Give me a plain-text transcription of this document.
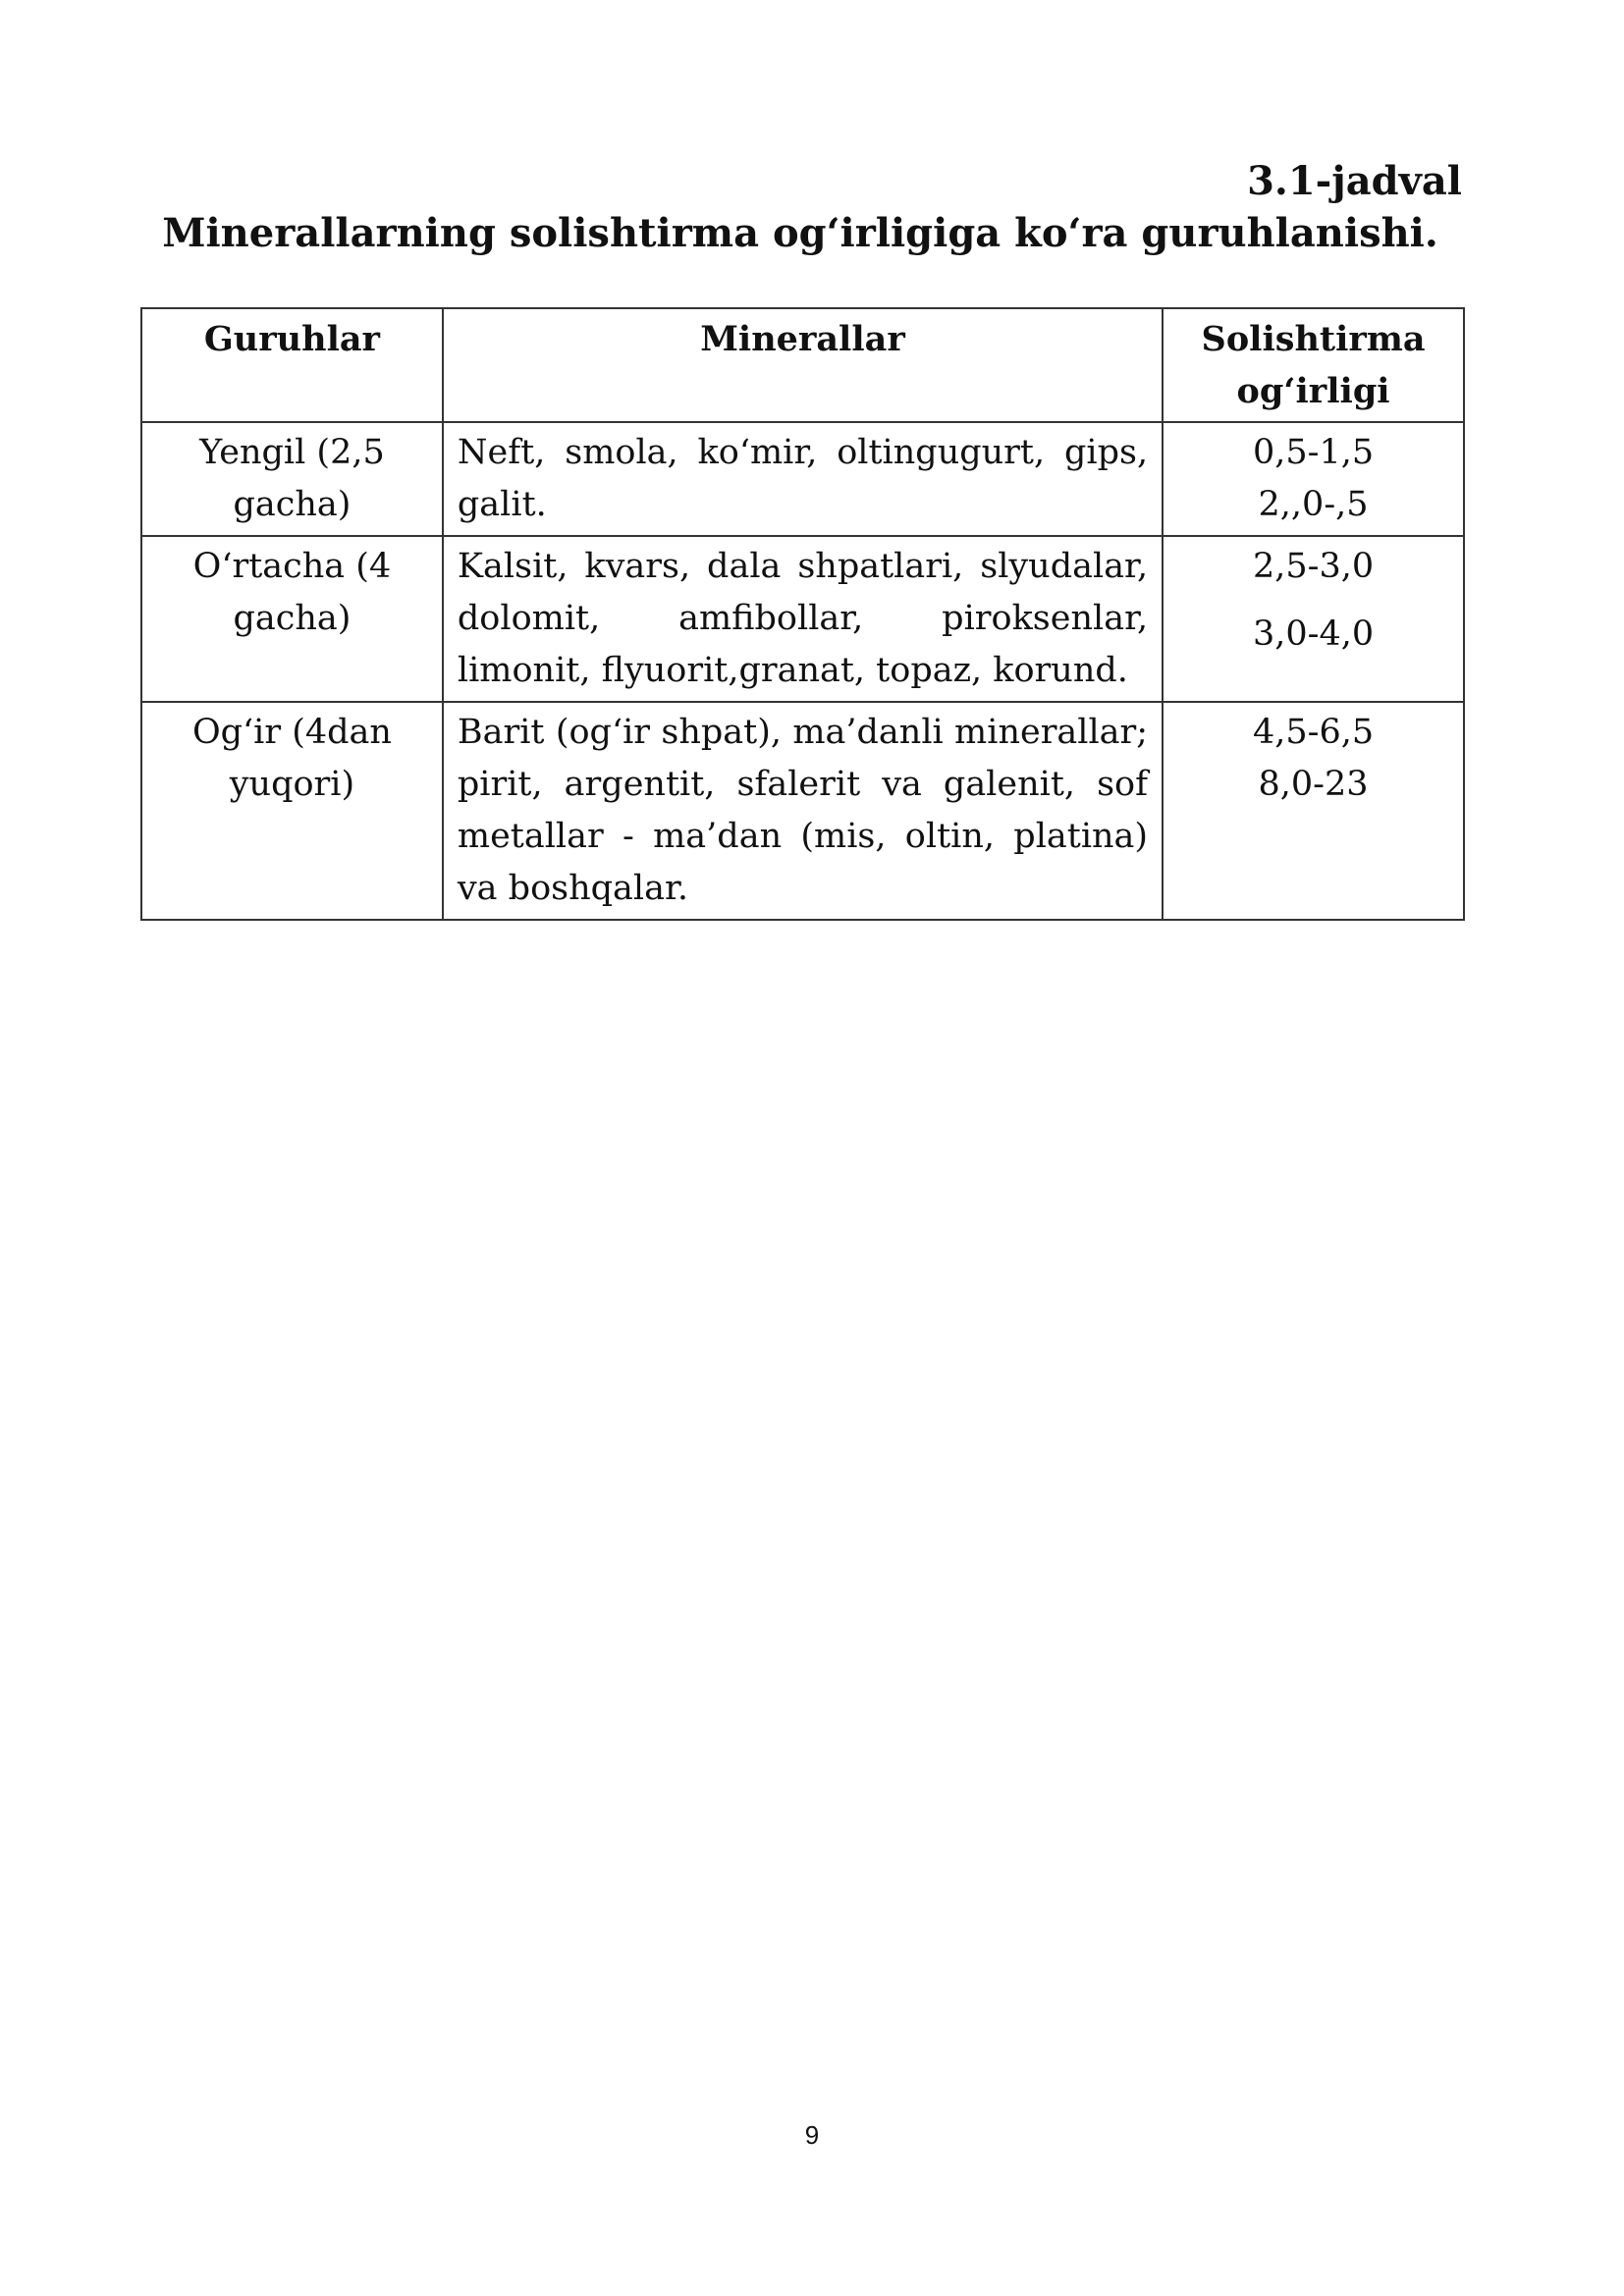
3.1-jadval
Minerallarning solishtirma og‘irligiga ko‘ra guruhlanishi.
Guruhlar	Minerallar	Solishtirma
og‘irligi

Yengil (2,5 gacha)	Neft, smola, ko‘mir, oltingugurt, gips, galit.	0,5-1,5
2,,0-,5

O‘rtacha (4 gacha)	Kalsit, kvars, dala shpatlari, slyudalar, dolomit, amfibollar, piroksenlar, limonit, flyuorit,granat, topaz, korund.	2,5-3,0
3,0-4,0

Og‘ir (4dan yuqori)	Barit (og‘ir shpat), ma’danli minerallar; pirit, argentit, sfalerit va galenit, sof metallar - ma’dan (mis, oltin, platina) va boshqalar.	4,5-6,5
8,0-23
9
